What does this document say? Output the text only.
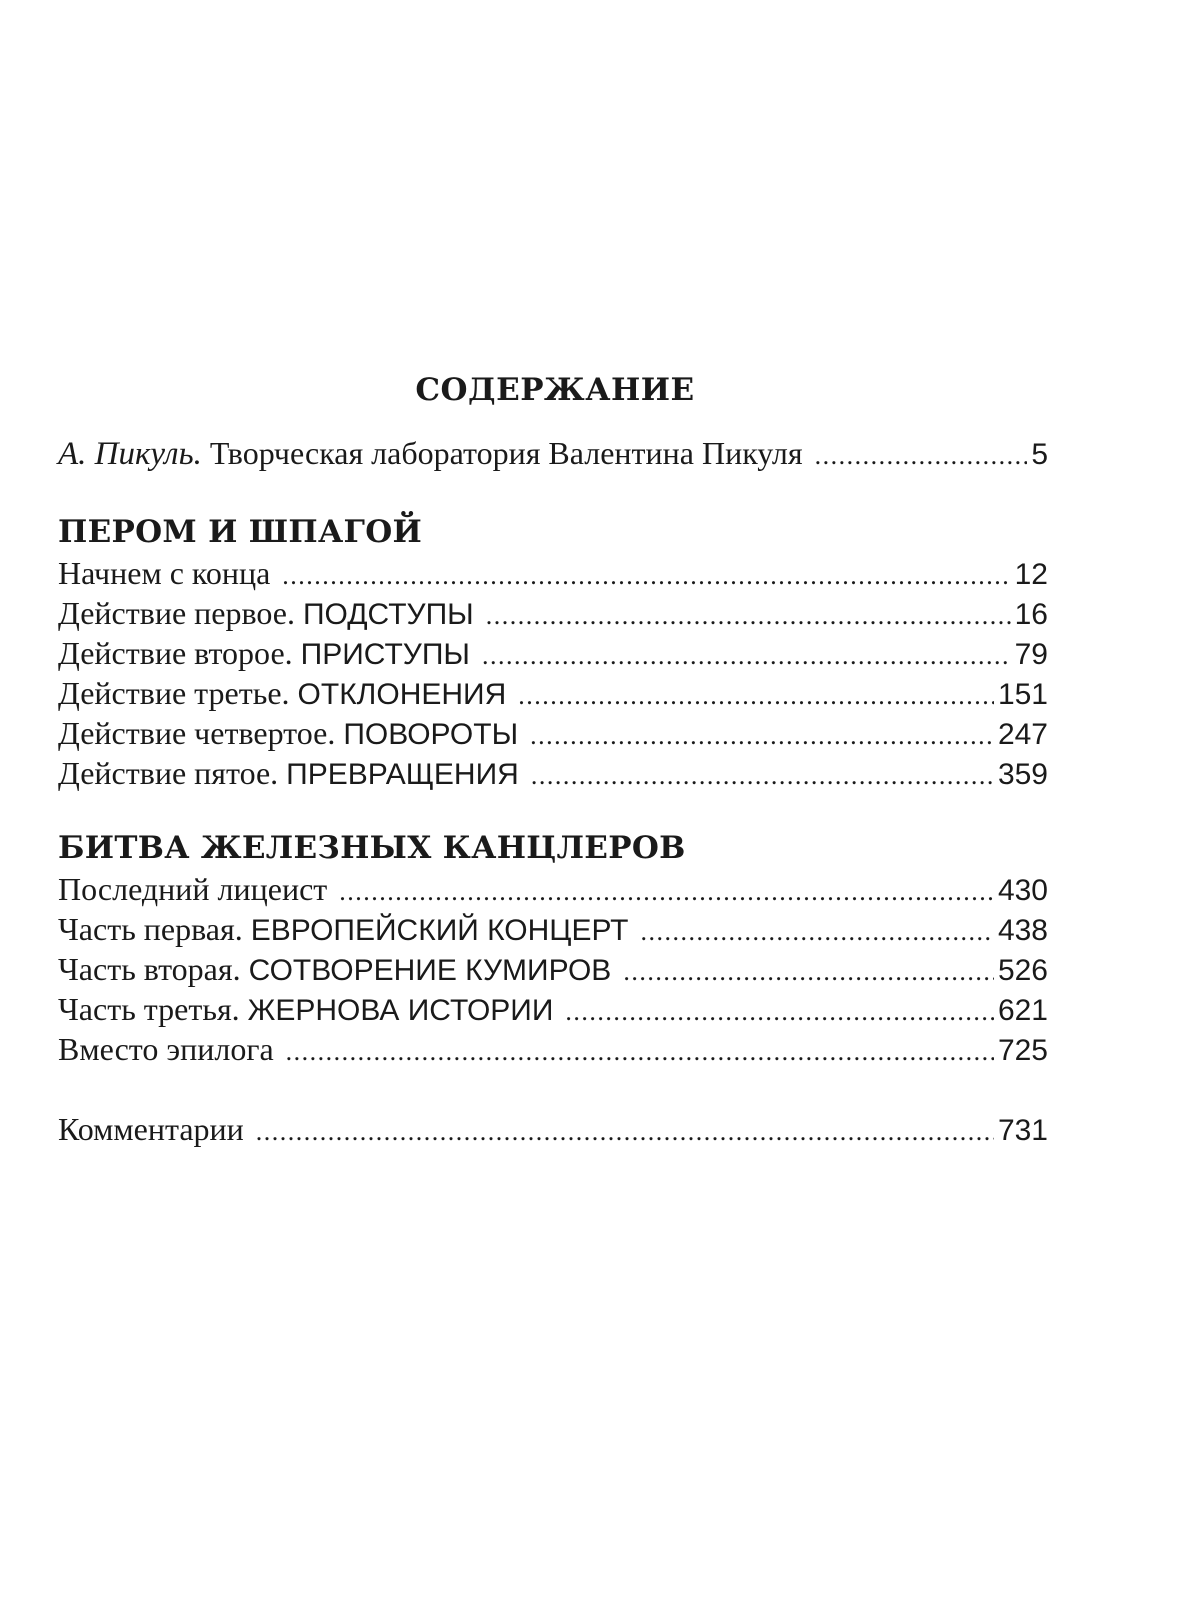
СОДЕРЖАНИЕ
А. Пикуль. Творческая лаборатория Валентина Пикуля .....	5
ПЕРОМ И ШПАГОЙ
Начнем с конца .....	12
Действие первое. ПОДСТУПЫ .....	16
Действие второе. ПРИСТУПЫ .....	79
Действие третье. ОТКЛОНЕНИЯ .....	151
Действие четвертое. ПОВОРОТЫ .....	247
Действие пятое. ПРЕВРАЩЕНИЯ .....	359
БИТВА ЖЕЛЕЗНЫХ КАНЦЛЕРОВ
Последний лицеист .....	430
Часть первая. ЕВРОПЕЙСКИЙ КОНЦЕРТ .....	438
Часть вторая. СОТВОРЕНИЕ КУМИРОВ .....	526
Часть третья. ЖЕРНОВА ИСТОРИИ .....	621
Вместо эпилога .....	725
Комментарии .....	731
